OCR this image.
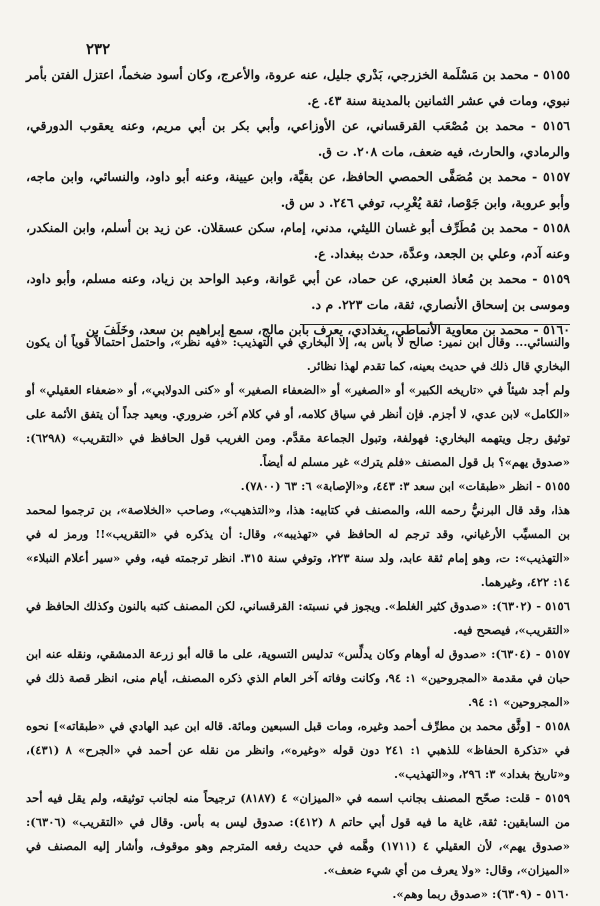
٢٣٢

٥١٥٥ - محمد بن مَسْلَمة الخزرجي، بَدْري جليل، عنه عروة، والأعرج، وكان أسود ضخماً، اعتزل الفتن بأمر نبوي، ومات في عشر الثمانين بالمدينة سنة ٤٣. ع.

٥١٥٦ - محمد بن مُصْعَب القرقساني، عن الأوزاعي، وأبي بكر بن أبي مريم، وعنه يعقوب الدورقي، والرمادي، والحارث، فيه ضعف، مات ٢٠٨. ت ق.

٥١٥٧ - محمد بن مُصَفَّى الحمصي الحافظ، عن بقيَّة، وابن عيينة، وعنه أبو داود، والنسائي، وابن ماجه، وأبو عروبة، وابن جَوْصا، ثقة يُغْرِب، توفي ٢٤٦. د س ق.

٥١٥٨ - محمد بن مُطَرِّف أبو غسان الليثي، مدني، إمام، سكن عسقلان. عن زيد بن أسلم، وابن المنكدر، وعنه آدم، وعلي بن الجعد، وعدَّة، حدث ببغداد. ع.

٥١٥٩ - محمد بن مُعاذ العنبري، عن حماد، عن أبي عَوانة، وعبد الواحد بن زياد، وعنه مسلم، وأبو داود، وموسى بن إسحاق الأنصاري، ثقة، مات ٢٢٣. م د.

٥١٦٠ - محمد بن معاوية الأنماطي، بغدادي، يعرف بابن مالج، سمع إبراهيم بن سعد، وخَلَفَ بن

والنسائي... وقال ابن نمير: صالح لا بأس به، إلا البخاري في التهذيب: «فيه نظر»، واحتمل احتمالاً قوياً أن يكون البخاري قال ذلك في حديث بعينه، كما تقدم لهذا نظائر.

ولم أجد شيئاً في «تاريخه الكبير» أو «الصغير» أو «الضعفاء الصغير» أو «كنى الدولابي»، أو «ضعفاء العقيلي» أو «الكامل» لابن عدي، لا أجزم. فإن أنظر في سياق كلامه، أو في كلام آخر، ضروري. وبعيد جداً أن يتفق الأئمة على توثيق رجل ويتهمه البخاري: فهولفة، وتبول الجماعة مقدَّم. ومن الغريب قول الحافظ في «التقريب» (٦٢٩٨): «صدوق يهم»؟ بل قول المصنف «فلم يترك» غير مسلم له أيضاً.

٥١٥٥ - انظر «طبقات» ابن سعد ٣: ٤٤٣، و«الإصابة» ٦: ٦٣ (٧٨٠٠).

هذا، وقد قال البرنيُّ رحمه الله، والمصنف في كتابيه: هذا، و«التذهيب»، وصاحب «الخلاصة»، بن ترجموا لمحمد بن المسيِّب الأرغياني، وقد ترجم له الحافظ في «تهذيبه»، وقال: أن يذكره في «التقريب»!! ورمز له في «التهذيب»: ت، وهو إمام ثقة عابد، ولد سنة ٢٢٣، وتوفي سنة ٣١٥. انظر ترجمته فيه، وفي «سير أعلام النبلاء» ١٤: ٤٢٢، وغيرهما.

٥١٥٦ - (٦٣٠٢): «صدوق كثير الغلط». ويجوز في نسبته: القرقساني، لكن المصنف كتبه بالنون وكذلك الحافظ في «التقريب»، فيصحح فيه.

٥١٥٧ - (٦٣٠٤): «صدوق له أوهام وكان يدلِّس» تدليس التسوية، على ما قاله أبو زرعة الدمشقي، ونقله عنه ابن حبان في مقدمة «المجروحين» ١: ٩٤، وكانت وفاته آخر العام الذي ذكره المصنف، أيام منى، انظر قصة ذلك في «المجروحين» ١: ٩٤.

٥١٥٨ - [وثَّق محمد بن مطرِّف أحمد وغيره، ومات قبل السبعين ومائة. قاله ابن عبد الهادي في «طبقاته»] نحوه في «تذكرة الحفاظ» للذهبي ١: ٢٤١ دون قوله «وغيره»، وانظر من نقله عن أحمد في «الجرح» ٨ (٤٣١)، و«تاريخ بغداد» ٣: ٢٩٦، و«التهذيب».

٥١٥٩ - قلت: صحّح المصنف بجانب اسمه في «الميزان» ٤ (٨١٨٧) ترجيحاً منه لجانب توثيقه، ولم يقل فيه أحد من السابقين: ثقة، غاية ما فيه قول أبي حاتم ٨ (٤١٢): صدوق ليس به بأس. وقال في «التقريب» (٦٣٠٦): «صدوق يهم»، لأن العقيلي ٤ (١٧١١) وهَّمه في حديث رفعه المترجم وهو موقوف، وأشار إليه المصنف في «الميزان»، وقال: «ولا يعرف من أي شيء ضعف».

٥١٦٠ - (٦٣٠٩): «صدوق ربما وهم».
